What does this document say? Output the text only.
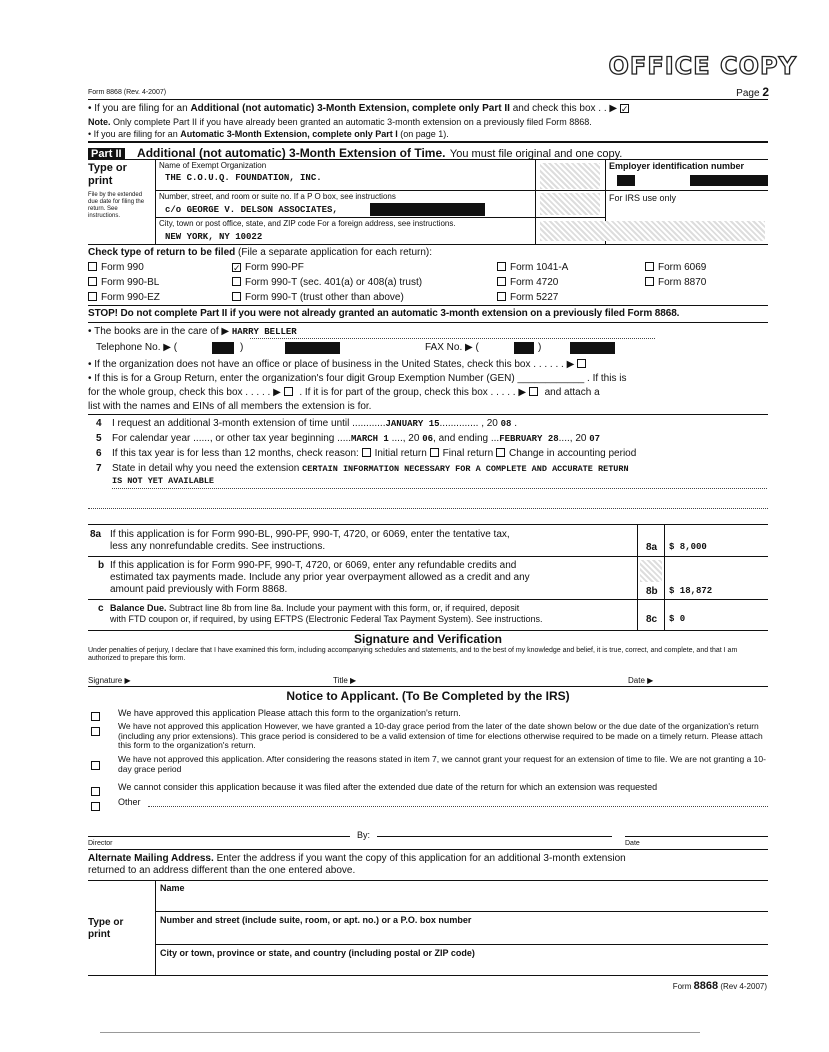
OFFICE COPY
Form 8868 (Rev. 4-2007)	Page 2
• If you are filing for an Additional (not automatic) 3-Month Extension, complete only Part II and check this box . . ▶ ✓
Note. Only complete Part II if you have already been granted an automatic 3-month extension on a previously filed Form 8868.
• If you are filing for an Automatic 3-Month Extension, complete only Part I (on page 1).
Part II Additional (not automatic) 3-Month Extension of Time. You must file original and one copy.
Type or print
File by the extended due date for filing the return. See instructions.
Name of Exempt Organization
THE C.O.U.Q. FOUNDATION, INC.
Employer identification number
Number, street, and room or suite no. If a P O box, see instructions
c/o GEORGE V. DELSON ASSOCIATES,
For IRS use only
City, town or post office, state, and ZIP code For a foreign address, see instructions.
NEW YORK, NY 10022
Check type of return to be filed (File a separate application for each return):
Form 990	✓ Form 990-PF	Form 1041-A	Form 6069
Form 990-BL	Form 990-T (sec. 401(a) or 408(a) trust)	Form 4720	Form 8870
Form 990-EZ	Form 990-T (trust other than above)	Form 5227
STOP! Do not complete Part II if you were not already granted an automatic 3-month extension on a previously filed Form 8868.
• The books are in the care of ▶ HARRY BELLER
Telephone No. ▶ (	)	FAX No. ▶ (	)
• If the organization does not have an office or place of business in the United States, check this box . . . . . . ▶
• If this is for a Group Return, enter the organization's four digit Group Exemption Number (GEN) ____________ . If this is
for the whole group, check this box . . . . . ▶  . If it is for part of the group, check this box . . . . . ▶  and attach a
list with the names and EINs of all members the extension is for.
4 I request an additional 3-month extension of time until ............JANUARY 15.............. , 20 08 .
5 For calendar year ......, or other tax year beginning .....MARCH 1 ...., 20 06, and ending ...FEBRUARY 28...., 20 07
6 If this tax year is for less than 12 months, check reason: Initial return Final return Change in accounting period
7 State in detail why you need the extension CERTAIN INFORMATION NECESSARY FOR A COMPLETE AND ACCURATE RETURN
IS NOT YET AVAILABLE
8a If this application is for Form 990-BL, 990-PF, 990-T, 4720, or 6069, enter the tentative tax,
less any nonrefundable credits. See instructions.	8a $ 8,000
b If this application is for Form 990-PF, 990-T, 4720, or 6069, enter any refundable credits and
estimated tax payments made. Include any prior year overpayment allowed as a credit and any
amount paid previously with Form 8868.	8b $ 18,872
c Balance Due. Subtract line 8b from line 8a. Include your payment with this form, or, if required, deposit
with FTD coupon or, if required, by using EFTPS (Electronic Federal Tax Payment System). See instructions.	8c $ 0
Signature and Verification
Under penalties of perjury, I declare that I have examined this form, including accompanying schedules and statements, and to the best of my knowledge and belief, it is true, correct, and complete, and that I am authorized to prepare this form.
Signature ▶	Title ▶	Date ▶
Notice to Applicant. (To Be Completed by the IRS)
We have approved this application Please attach this form to the organization's return.
We have not approved this application However, we have granted a 10-day grace period from the later of the date shown below or the due date of the organization's return (including any prior extensions). This grace period is considered to be a valid extension of time for elections otherwise required to be made on a timely return. Please attach this form to the organization's return.
We have not approved this application. After considering the reasons stated in item 7, we cannot grant your request for an extension of time to file. We are not granting a 10-day grace period
We cannot consider this application because it was filed after the extended due date of the return for which an extension was requested
Other
By:
Director	Date
Alternate Mailing Address. Enter the address if you want the copy of this application for an additional 3-month extension
returned to an address different than the one entered above.
Name
Type or print
Number and street (include suite, room, or apt. no.) or a P.O. box number
City or town, province or state, and country (including postal or ZIP code)
Form 8868 (Rev 4-2007)
